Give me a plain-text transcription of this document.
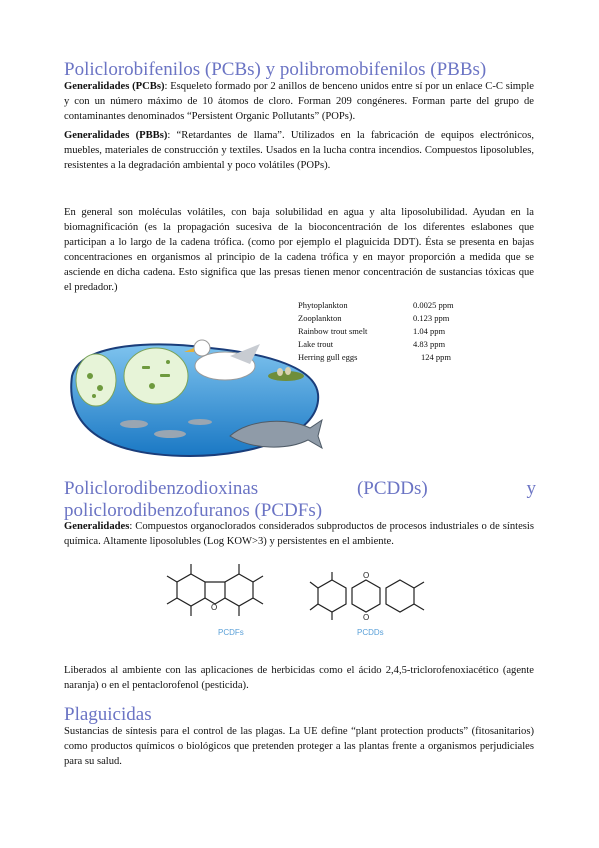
Policlorobifenilos (PCBs) y polibromobifenilos (PBBs)

Generalidades (PCBs): Esqueleto formado por 2 anillos de benceno unidos entre sí por un enlace C-C simple y con un número máximo de 10 átomos de cloro. Forman 209 congéneres. Forman parte del grupo de contaminantes denominados “Persistent Organic Pollutants” (POPs).

Generalidades (PBBs): “Retardantes de llama”. Utilizados en la fabricación de equipos electrónicos, muebles, materiales de construcción y textiles. Usados en la lucha contra incendios. Compuestos liposolubles, resistentes a la degradación ambiental y poco volátiles (POPs).

En general son moléculas volátiles, con baja solubilidad en agua y alta liposolubilidad. Ayudan en la biomagnificación (es la propagación sucesiva de la bioconcentración de los diferentes eslabones que participan a lo largo de la cadena trófica. (como por ejemplo el plaguicida DDT). Ésta se presenta en bajas concentraciones en organismos al principio de la cadena trófica y en mayor proporción a medida que se asciende en dicha cadena. Esto significa que las presas tienen menor concentración de sustancias tóxicas que el predador.)

Phytoplankton	0.0025 ppm
Zooplankton	0.123 ppm
Rainbow trout smelt	1.04 ppm
Lake trout	4.83 ppm
Herring gull eggs	124 ppm
Policlorodibenzodioxinas (PCDDs) y policlorodibenzofuranos (PCDFs)

Generalidades: Compuestos organoclorados considerados subproductos de procesos industriales o de síntesis química. Altamente liposolubles (Log KOW>3) y persistentes en el ambiente.

O
PCDFs
O
O
PCDDs

Liberados al ambiente con las aplicaciones de herbicidas como el ácido 2,4,5-triclorofenoxiacético (agente naranja) o en el pentaclorofenol (pesticida).

Plaguicidas

Sustancias de síntesis para el control de las plagas. La UE define “plant protection products” (fitosanitarios) como productos químicos o biológicos que pretenden proteger a las plantas frente a organismos perjudiciales para su salud.
